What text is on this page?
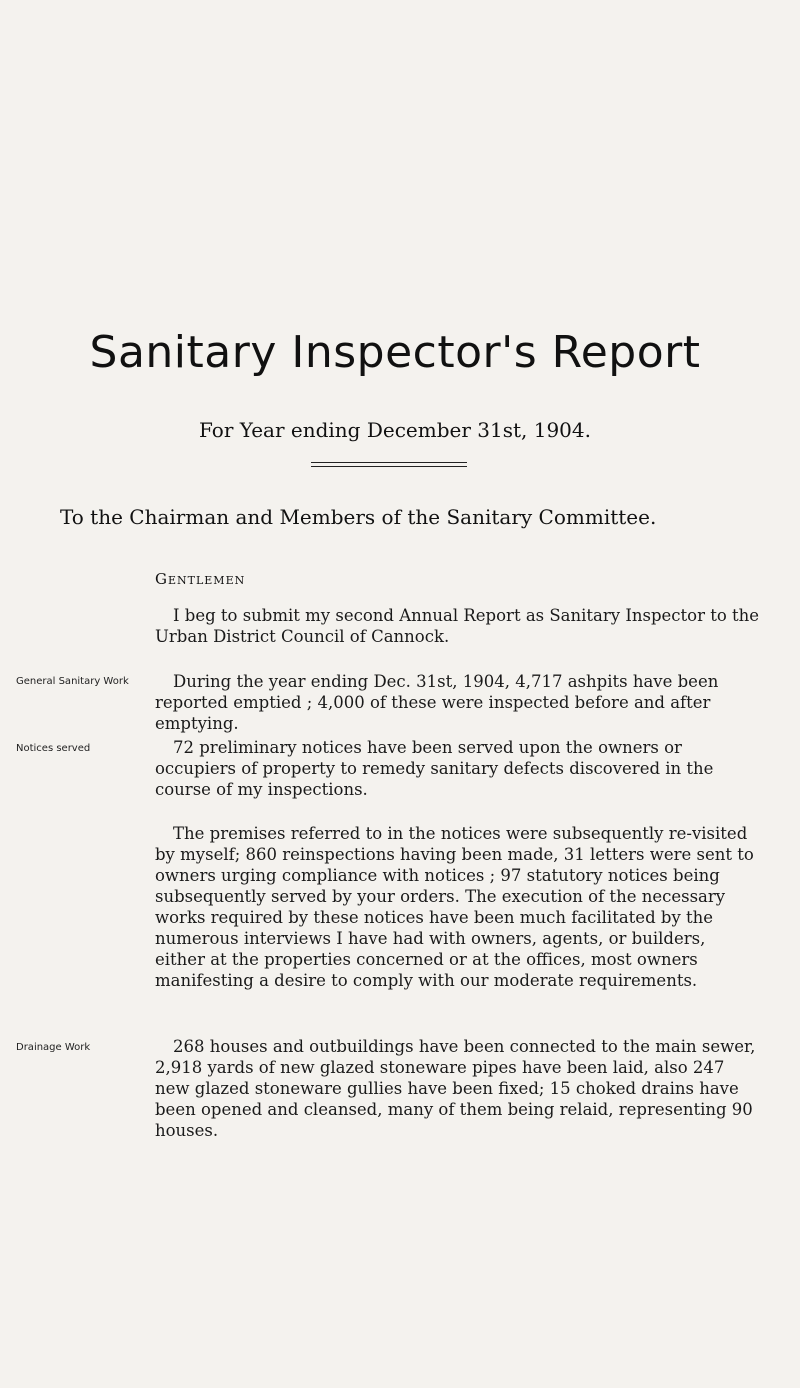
Sanitary Inspector's Report
For Year ending December 31st, 1904.
To the Chairman and Members of the Sanitary Committee.
Gentlemen
I beg to submit my second Annual Report as Sanitary Inspector to the Urban District Council of Cannock.
General Sanitary Work	During the year ending Dec. 31st, 1904, 4,717 ashpits have been reported emptied ; 4,000 of these were inspected before and after emptying.
Notices served	72 preliminary notices have been served upon the owners or occupiers of property to remedy sanitary defects discovered in the course of my inspections.
The premises referred to in the notices were subsequently re-visited by myself; 860 reinspections having been made, 31 letters were sent to owners urging compliance with notices ; 97 statutory notices being subsequently served by your orders. The execution of the necessary works required by these notices have been much facilitated by the numerous interviews I have had with owners, agents, or builders, either at the properties concerned or at the offices, most owners manifesting a desire to comply with our moderate requirements.
Drainage Work	268 houses and outbuildings have been connected to the main sewer, 2,918 yards of new glazed stoneware pipes have been laid, also 247 new glazed stoneware gullies have been fixed; 15 choked drains have been opened and cleansed, many of them being relaid, representing 90 houses.
